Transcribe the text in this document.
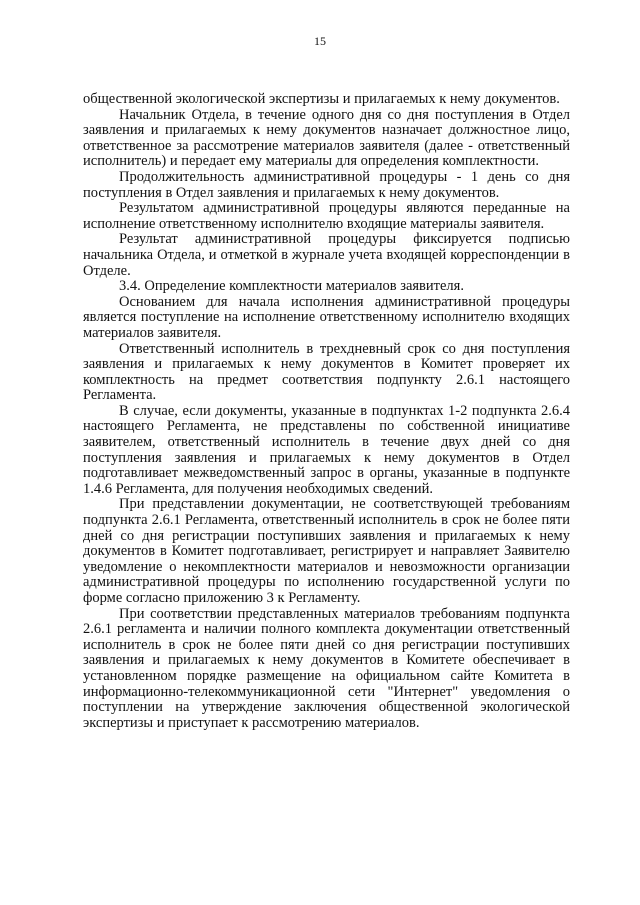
15

общественной экологической экспертизы и прилагаемых к нему документов.

Начальник Отдела, в течение одного дня со дня поступления в Отдел заявления и прилагаемых к нему документов назначает должностное лицо, ответственное за рассмотрение материалов заявителя (далее - ответственный исполнитель) и передает ему материалы для определения комплектности.

Продолжительность административной процедуры - 1 день со дня поступления в Отдел заявления и прилагаемых к нему документов.

Результатом административной процедуры являются переданные на исполнение ответственному исполнителю входящие материалы заявителя.

Результат административной процедуры фиксируется подписью начальника Отдела, и отметкой в журнале учета входящей корреспонденции в Отделе.

3.4. Определение комплектности материалов заявителя.

Основанием для начала исполнения административной процедуры является поступление на исполнение ответственному исполнителю входящих материалов заявителя.

Ответственный исполнитель в трехдневный срок со дня поступления заявления и прилагаемых к нему документов в Комитет проверяет их комплектность на предмет соответствия подпункту 2.6.1 настоящего Регламента.

В случае, если документы, указанные в подпунктах 1-2 подпункта 2.6.4 настоящего Регламента, не представлены по собственной инициативе заявителем, ответственный исполнитель в течение двух дней со дня поступления заявления и прилагаемых к нему документов в Отдел подготавливает межведомственный запрос в органы, указанные в подпункте 1.4.6 Регламента, для получения необходимых сведений.

При представлении документации, не соответствующей требованиям подпункта 2.6.1 Регламента, ответственный исполнитель в срок не более пяти дней со дня регистрации поступивших заявления и прилагаемых к нему документов в Комитет подготавливает, регистрирует и направляет Заявителю уведомление о некомплектности материалов и невозможности организации административной процедуры по исполнению государственной услуги по форме согласно приложению 3 к Регламенту.

При соответствии представленных материалов требованиям подпункта 2.6.1 регламента и наличии полного комплекта документации ответственный исполнитель в срок не более пяти дней со дня регистрации поступивших заявления и прилагаемых к нему документов в Комитете обеспечивает в установленном порядке размещение на официальном сайте Комитета в информационно-телекоммуникационной сети "Интернет" уведомления о поступлении на утверждение заключения общественной экологической экспертизы и приступает к рассмотрению материалов.
